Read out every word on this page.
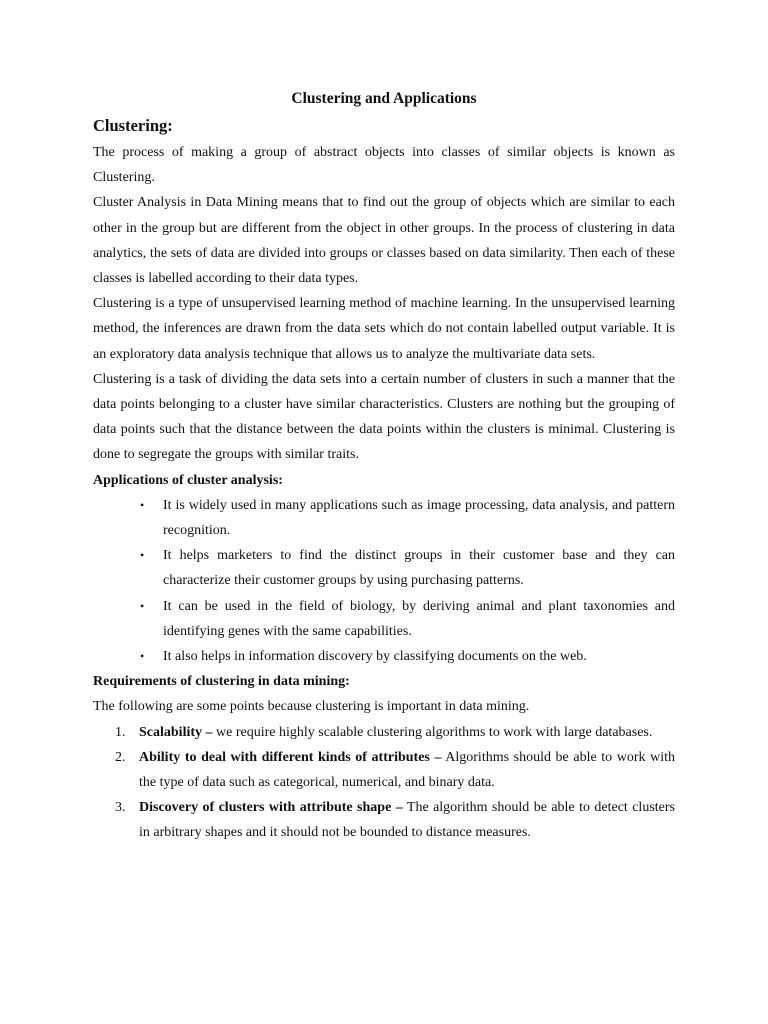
Clustering and Applications
Clustering:

The process of making a group of abstract objects into classes of similar objects is known as Clustering.

Cluster Analysis in Data Mining means that to find out the group of objects which are similar to each other in the group but are different from the object in other groups. In the process of clustering in data analytics, the sets of data are divided into groups or classes based on data similarity. Then each of these classes is labelled according to their data types.

Clustering is a type of unsupervised learning method of machine learning. In the unsupervised learning method, the inferences are drawn from the data sets which do not contain labelled output variable. It is an exploratory data analysis technique that allows us to analyze the multivariate data sets.

Clustering is a task of dividing the data sets into a certain number of clusters in such a manner that the data points belonging to a cluster have similar characteristics. Clusters are nothing but the grouping of data points such that the distance between the data points within the clusters is minimal. Clustering is done to segregate the groups with similar traits.

Applications of cluster analysis:
• It is widely used in many applications such as image processing, data analysis, and pattern recognition.
• It helps marketers to find the distinct groups in their customer base and they can characterize their customer groups by using purchasing patterns.
• It can be used in the field of biology, by deriving animal and plant taxonomies and identifying genes with the same capabilities.
• It also helps in information discovery by classifying documents on the web.
Requirements of clustering in data mining:

The following are some points because clustering is important in data mining.

1. Scalability – we require highly scalable clustering algorithms to work with large databases.
2. Ability to deal with different kinds of attributes – Algorithms should be able to work with the type of data such as categorical, numerical, and binary data.
3. Discovery of clusters with attribute shape – The algorithm should be able to detect clusters in arbitrary shapes and it should not be bounded to distance measures.
